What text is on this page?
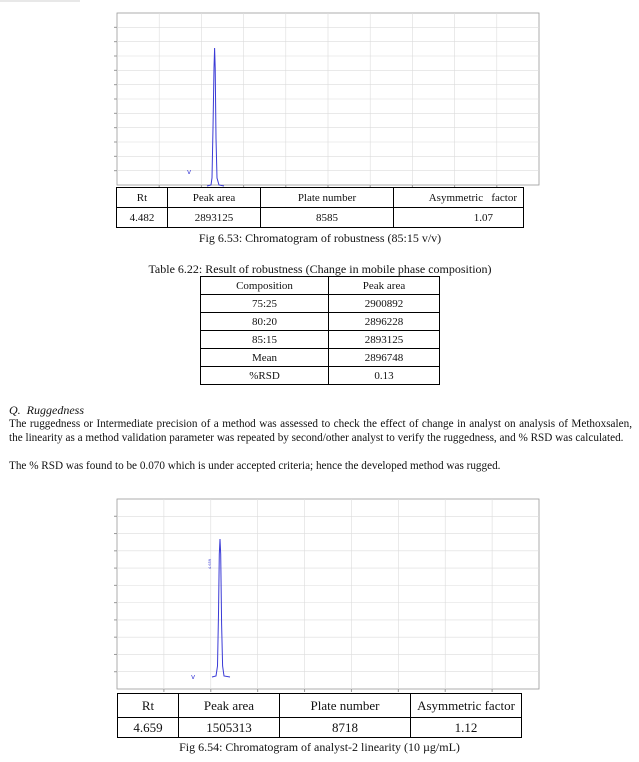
v
Rt	Peak area	Plate number	Asymmetric   factor
4.482	2893125	8585	1.07
Fig 6.53: Chromatogram of robustness (85:15 v/v)
Table 6.22: Result of robustness (Change in mobile phase composition)
Composition	Peak area
75:25	2900892
80:20	2896228
85:15	2893125
Mean	2896748
%RSD	0.13
Q.  Ruggedness
The ruggedness or Intermediate precision of a method was assessed to check the effect of change in analyst on analysis of Methoxsalen, the linearity as a method validation parameter was repeated by second/other analyst to verify the ruggedness, and % RSD was calculated.
The % RSD was found to be 0.070 which is under accepted criteria; hence the developed method was rugged.
4.659
v
Rt	Peak area	Plate number	Asymmetric factor
4.659	1505313	8718	1.12
Fig 6.54: Chromatogram of analyst-2 linearity (10 µg/mL)
